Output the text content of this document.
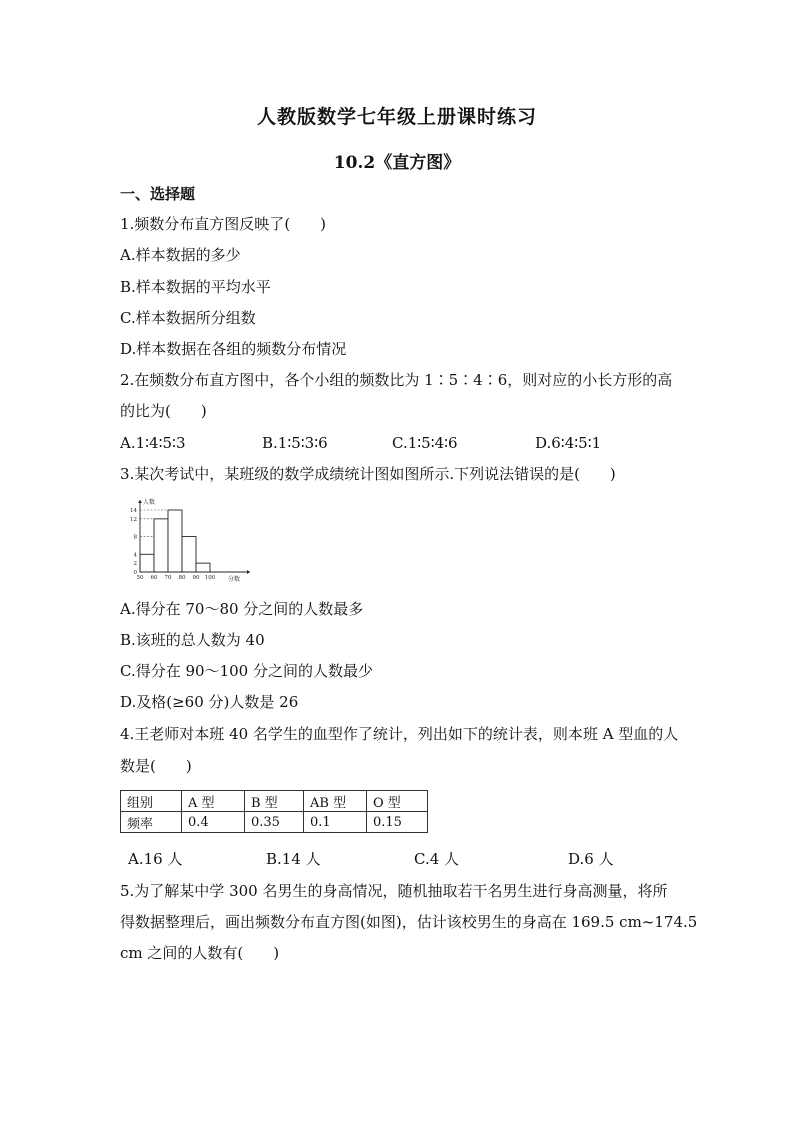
人教版数学七年级上册课时练习
10.2《直方图》
一、选择题
1.频数分布直方图反映了(　　)
A.样本数据的多少
B.样本数据的平均水平
C.样本数据所分组数
D.样本数据在各组的频数分布情况
2.在频数分布直方图中，各个小组的频数比为 1∶5∶4∶6，则对应的小长方形的高
的比为(　　)
A.1∶4∶5∶3	B.1∶5∶3∶6	C.1∶5∶4∶6	D.6∶4∶5∶1
3.某次考试中，某班级的数学成绩统计图如图所示.下列说法错误的是(　　)
0
2
4
8
12
14
50 60 70 80 90 100
人数
分数
A.得分在 70～80 分之间的人数最多
B.该班的总人数为 40
C.得分在 90～100 分之间的人数最少
D.及格(≥60 分)人数是 26
4.王老师对本班 40 名学生的血型作了统计，列出如下的统计表，则本班 A 型血的人
数是(　　)
组别	A 型	B 型	AB 型	O 型
频率	0.4	0.35	0.1	0.15
A.16 人	B.14 人	C.4 人	D.6 人
5.为了解某中学 300 名男生的身高情况，随机抽取若干名男生进行身高测量，将所
得数据整理后，画出频数分布直方图(如图)，估计该校男生的身高在 169.5 cm~174.5
cm 之间的人数有(　　)
